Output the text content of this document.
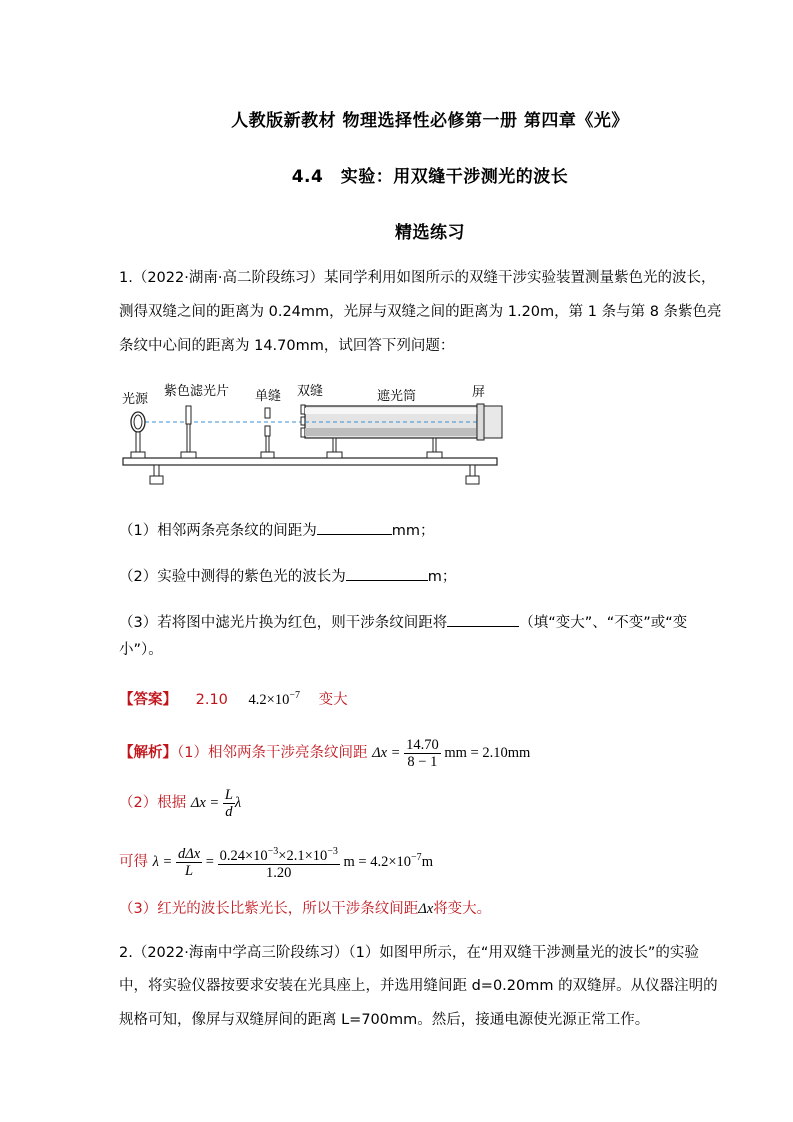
人教版新教材 物理选择性必修第一册 第四章《光》
4.4　实验：用双缝干涉测光的波长
精选练习
1.（2022·湖南·高二阶段练习）某同学利用如图所示的双缝干涉实验装置测量紫色光的波长，
测得双缝之间的距离为 0.24mm，光屏与双缝之间的距离为 1.20m，第 1 条与第 8 条紫色亮
条纹中心间的距离为 14.70mm，试回答下列问题：
光源
紫色滤光片 单缝 双缝	遮光筒	屏
（1）相邻两条亮条纹的间距为	mm；
（2）实验中测得的紫色光的波长为	m；
（3）若将图中滤光片换为红色，则干涉条纹间距将	（填“变大”、“不变”或“变
小”）。
【答案】 2.10 $4.2\times 10^{-7}$ 变大
【解析】（1）相邻两条干涉亮条纹间距 $\Delta x = \frac{14.70}{8 - 1}$ mm = 2.10mm
（2）根据 $\Delta x = \frac{L}{d}$ λ
可得 $\lambda = \frac{\text{dΔx}}{L} = \frac{0.24\times 10^{-3}\times 2.1\times 10^{-3}}{1.20}$ $m = 4.2\times 10^{-7}m$
（3）红光的波长比紫光长，所以干涉条纹间距Δx将变大。
2.（2022·海南中学高三阶段练习）（1）如图甲所示，在“用双缝干涉测量光的波长”的实验
中，将实验仪器按要求安装在光具座上，并选用缝间距 d=0.20mm 的双缝屏。从仪器注明的
规格可知，像屏与双缝屏间的距离 L=700mm。然后，接通电源使光源正常工作。
